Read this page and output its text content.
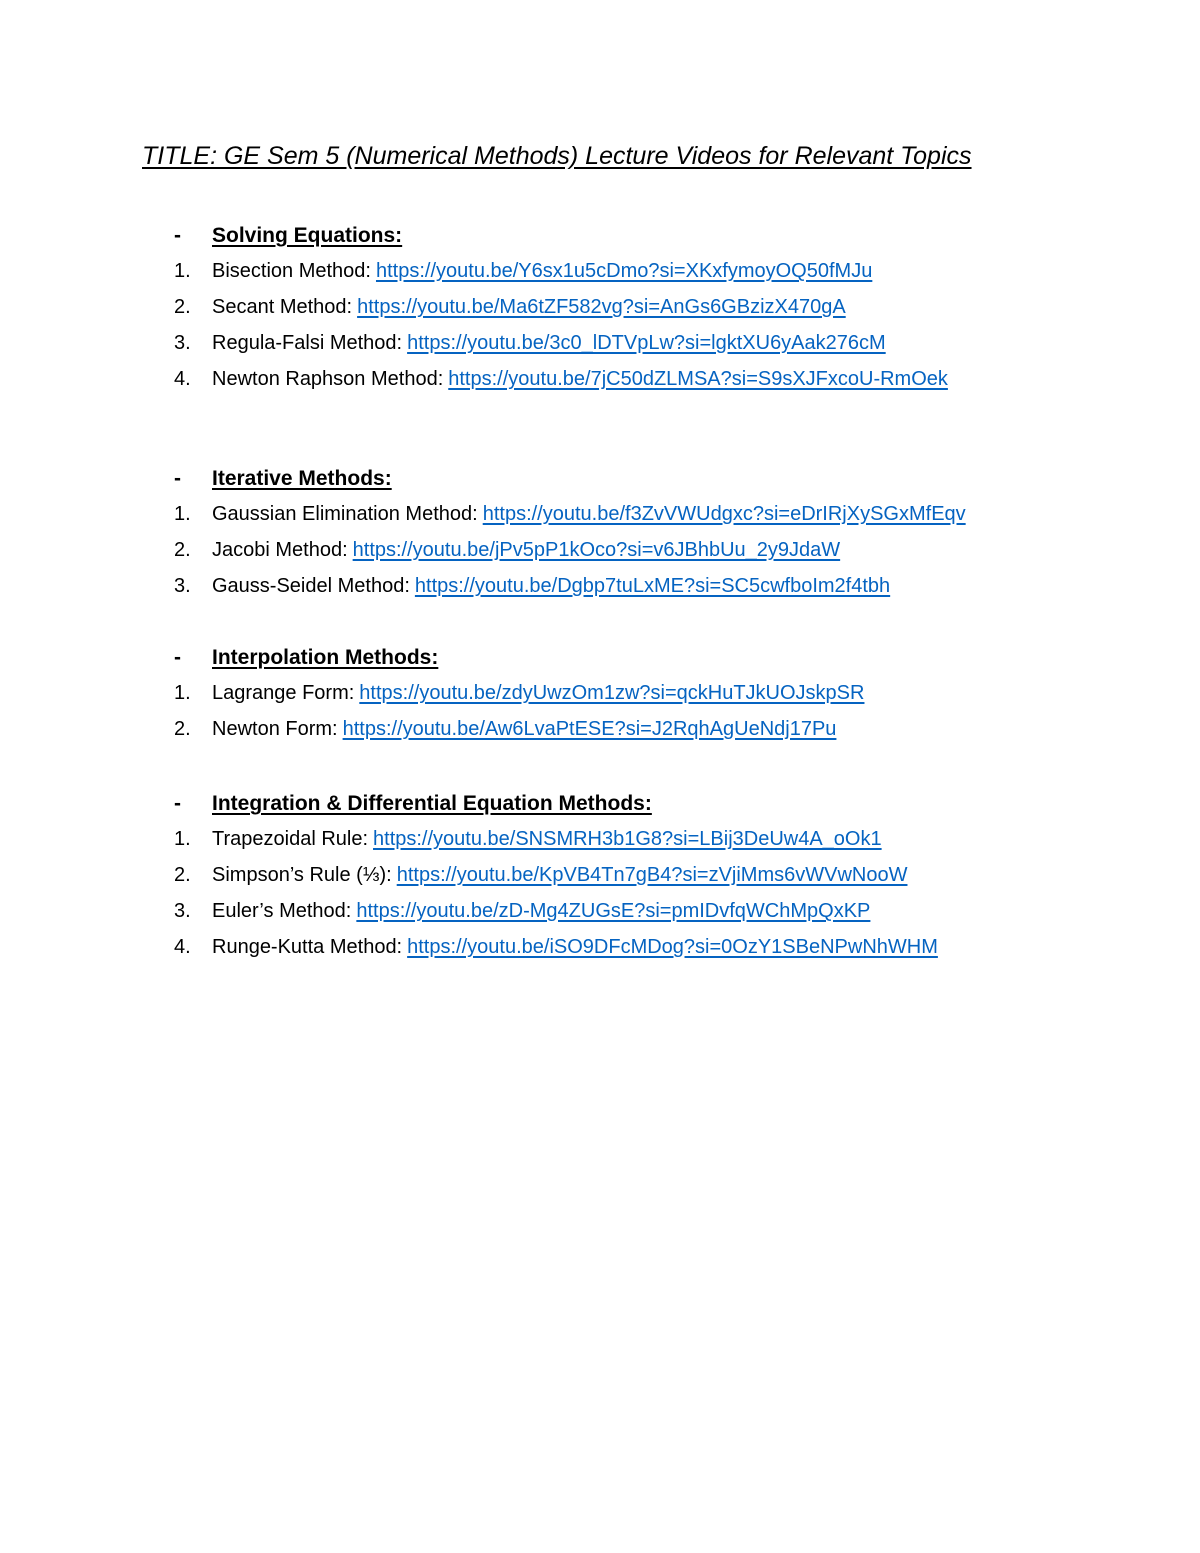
TITLE: GE Sem 5 (Numerical Methods) Lecture Videos for Relevant Topics
-	Solving Equations:
1.	Bisection Method: https://youtu.be/Y6sx1u5cDmo?si=XKxfymoyOQ50fMJu
2.	Secant Method: https://youtu.be/Ma6tZF582vg?si=AnGs6GBzizX470gA
3.	Regula-Falsi Method: https://youtu.be/3c0_lDTVpLw?si=lgktXU6yAak276cM
4.	Newton Raphson Method: https://youtu.be/7jC50dZLMSA?si=S9sXJFxcoU-RmOek
-	Iterative Methods:
1.	Gaussian Elimination Method: https://youtu.be/f3ZvVWUdgxc?si=eDrIRjXySGxMfEqv
2.	Jacobi Method: https://youtu.be/jPv5pP1kOco?si=v6JBhbUu_2y9JdaW
3.	Gauss-Seidel Method: https://youtu.be/Dgbp7tuLxME?si=SC5cwfboIm2f4tbh
-	Interpolation Methods:
1.	Lagrange Form: https://youtu.be/zdyUwzOm1zw?si=qckHuTJkUOJskpSR
2.	Newton Form: https://youtu.be/Aw6LvaPtESE?si=J2RqhAgUeNdj17Pu
-	Integration & Differential Equation Methods:
1.	Trapezoidal Rule: https://youtu.be/SNSMRH3b1G8?si=LBij3DeUw4A_oOk1
2.	Simpson’s Rule (⅓): https://youtu.be/KpVB4Tn7gB4?si=zVjiMms6vWVwNooW
3.	Euler’s Method: https://youtu.be/zD-Mg4ZUGsE?si=pmIDvfqWChMpQxKP
4.	Runge-Kutta Method: https://youtu.be/iSO9DFcMDog?si=0OzY1SBeNPwNhWHM
